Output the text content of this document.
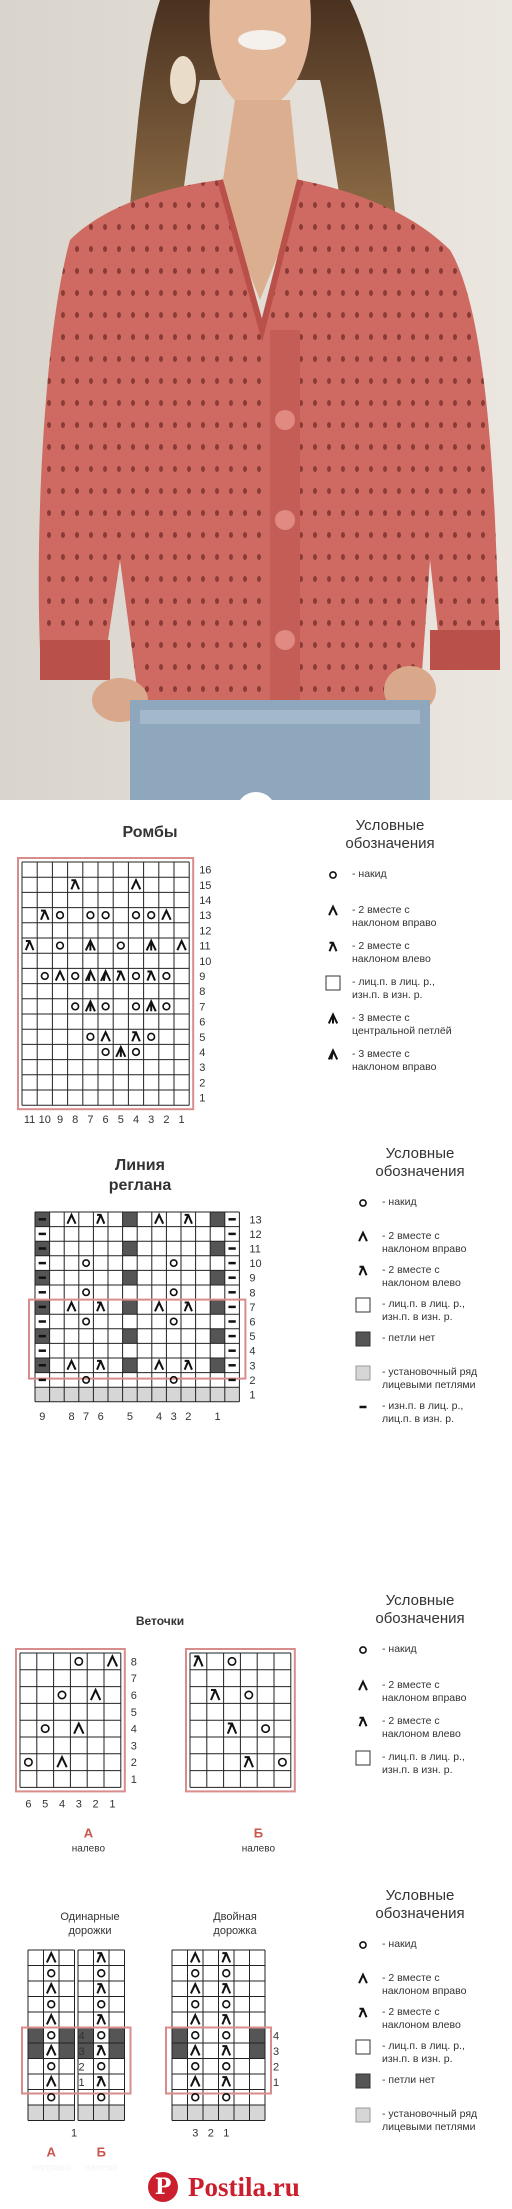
Ромбы
16
15
14
13
12
11
10
9
8
7
6
5
4
3
2
1
11 10 9 8 7 6 5 4 3 2 1
Условные
обозначения
- накид
- 2 вместе с
наклоном вправо
- 2 вместе с
наклоном влево
- лиц.п. в лиц. р.,
изн.п. в изн. р.
- 3 вместе с
центральной петлёй
- 3 вместе с
наклоном вправо
Линия
реглана
13
12
11
10
9
8
7
6
5
4
3
2
1
9 8 7 6 5 4 3 2 1
Условные
обозначения
- накид
- 2 вместе с
наклоном вправо
- 2 вместе с
наклоном влево
- лиц.п. в лиц. р.,
изн.п. в изн. р.
- петли нет
- установочный ряд
лицевыми петлями
- изн.п. в лиц. р.,
лиц.п. в изн. р.
Веточки
8
7
6
5
4
3
2
1
6 5 4 3 2 1
А
налево
Б
налево
Условные
обозначения
- накид
- 2 вместе с
наклоном вправо
- 2 вместе с
наклоном влево
- лиц.п. в лиц. р.,
изн.п. в изн. р.
Одинарные
дорожки
Двойная
дорожка
4
3
2
1
1
А	Б
4
3
2
1
3 2 1
Условные
обозначения
- накид
- 2 вместе с
наклоном вправо
- 2 вместе с
наклоном влево
- лиц.п. в лиц. р.,
изн.п. в изн. р.
- петли нет
- установочный ряд
лицевыми петлями
P Postila.ru
